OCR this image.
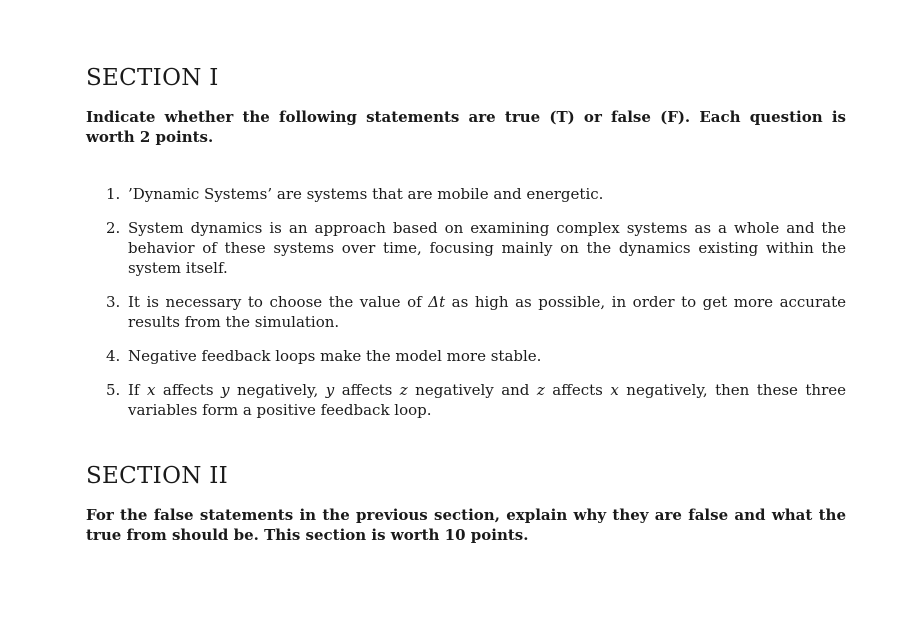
SECTION I

Indicate whether the following statements are true (T) or false (F). Each question is worth 2 points.

1. ’Dynamic Systems’ are systems that are mobile and energetic.
2. System dynamics is an approach based on examining complex systems as a whole and the behavior of these systems over time, focusing mainly on the dynamics existing within the system itself.
3. It is necessary to choose the value of Δt as high as possible, in order to get more accurate results from the simulation.
4. Negative feedback loops make the model more stable.
5. If x affects y negatively, y affects z negatively and z affects x negatively, then these three variables form a positive feedback loop.
SECTION II

For the false statements in the previous section, explain why they are false and what the true from should be. This section is worth 10 points.
